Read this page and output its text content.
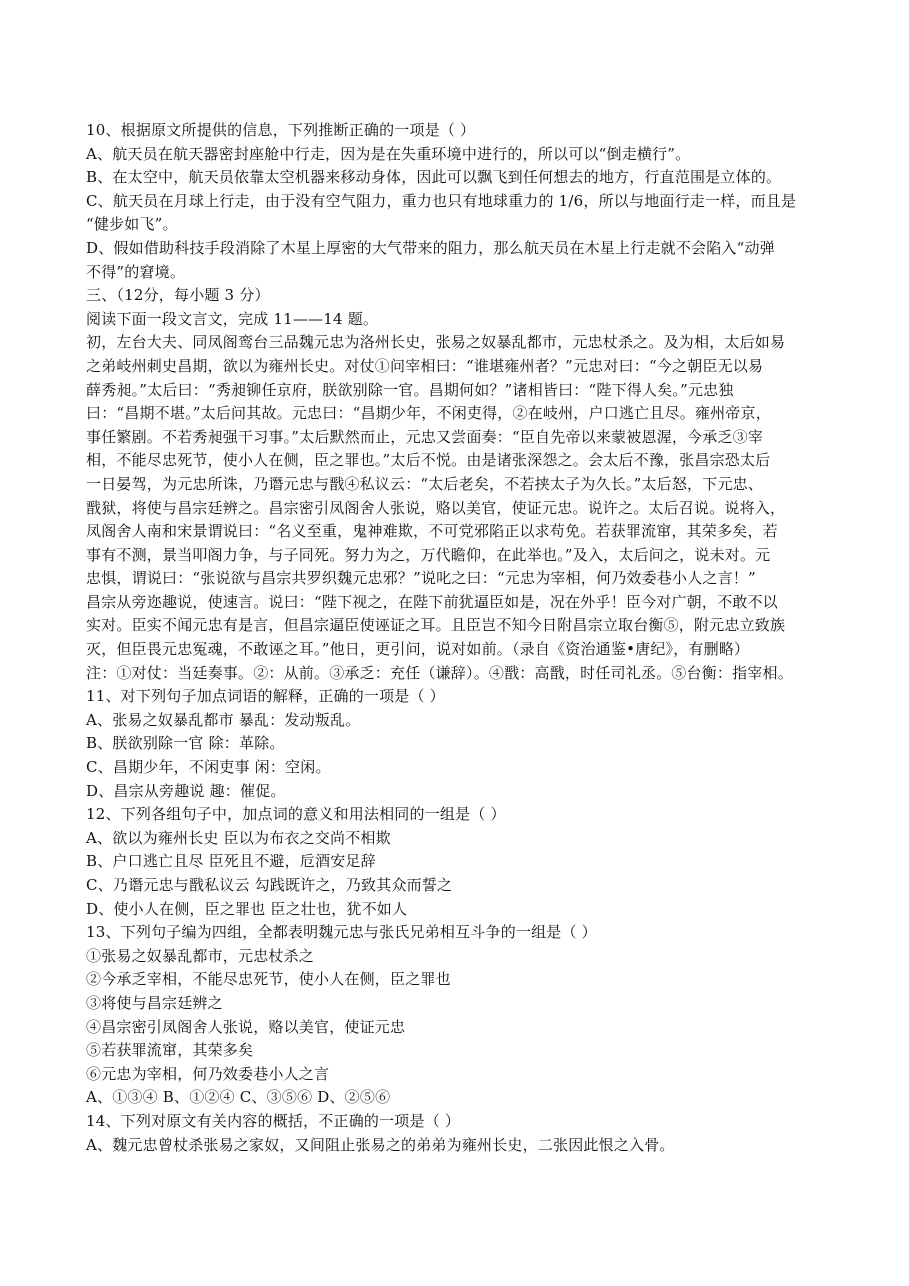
10、根据原文所提供的信息，下列推断正确的一项是（ ）
A、航天员在航天器密封座舱中行走，因为是在失重环境中进行的，所以可以“倒走横行”。
B、在太空中，航天员依靠太空机器来移动身体，因此可以飘飞到任何想去的地方，行直范围是立体的。
C、航天员在月球上行走，由于没有空气阻力，重力也只有地球重力的 1/6，所以与地面行走一样，而且是
“健步如飞”。
D、假如借助科技手段消除了木星上厚密的大气带来的阻力，那么航天员在木星上行走就不会陷入“动弹
不得”的窘境。
三、（12分，每小题 3 分）
阅读下面一段文言文，完成 11——14 题。
初，左台大夫、同凤阁鸾台三品魏元忠为洛州长史，张易之奴暴乱都市，元忠杖杀之。及为相，太后如易
之弟岐州刺史昌期，欲以为雍州长史。对仗①问宰相曰：“谁堪雍州者？”元忠对曰：“今之朝臣无以易
薛秀昶。”太后曰：“秀昶铆任京府，朕欲别除一官。昌期何如？”诸相皆曰：“陛下得人矣。”元忠独
曰：“昌期不堪。”太后问其故。元忠曰：“昌期少年，不闲吏得，②在岐州，户口逃亡且尽。雍州帝京，
事任繁剧。不若秀昶强干习事。”太后默然而止，元忠又尝面奏：“臣自先帝以来蒙被恩渥，今承乏③宰
相，不能尽忠死节，使小人在侧，臣之罪也。”太后不悦。由是诸张深怨之。会太后不豫，张昌宗恐太后
一日晏驾，为元忠所诛，乃谮元忠与戬④私议云：“太后老矣，不若挟太子为久长。”太后怒，下元忠、
戬狱，将使与昌宗廷辨之。昌宗密引凤阁舍人张说，赂以美官，使证元忠。说许之。太后召说。说将入，
凤阁舍人南和宋景谓说曰：“名义至重，鬼神难欺，不可党邪陷正以求苟免。若获罪流窜，其荣多矣，若
事有不测，景当叩阁力争，与子同死。努力为之，万代瞻仰，在此举也。”及入，太后问之，说未对。元
忠惧，谓说曰：“张说欲与昌宗共罗织魏元忠邪？”说叱之曰：“元忠为宰相，何乃效委巷小人之言！”
昌宗从旁迩趣说，使速言。说曰：“陛下视之，在陛下前犹逼臣如是，况在外乎！臣今对广朝，不敢不以
实对。臣实不闻元忠有是言，但昌宗逼臣使诬证之耳。且臣岂不知今日附昌宗立取台衡⑤，附元忠立致族
灭，但臣畏元忠冤魂，不敢诬之耳。”他日，更引问，说对如前。（录自《资治通鉴•唐纪》，有删略）
注：①对仗：当廷奏事。②：从前。③承乏：充任（谦辞）。④戬：高戬，时任司礼丞。⑤台衡：指宰相。
11、对下列句子加点词语的解释，正确的一项是（ ）
A、张易之奴暴乱都市 暴乱：发动叛乱。
B、朕欲别除一官 除：革除。
C、昌期少年，不闲吏事 闲：空闲。
D、昌宗从旁趣说 趣：催促。
12、下列各组句子中，加点词的意义和用法相同的一组是（ ）
A、欲以为雍州长史 臣以为布衣之交尚不相欺
B、户口逃亡且尽 臣死且不避，卮酒安足辞
C、乃谮元忠与戬私议云 勾践既许之，乃致其众而誓之
D、使小人在侧，臣之罪也 臣之壮也，犹不如人
13、下列句子编为四组，全都表明魏元忠与张氏兄弟相互斗争的一组是（ ）
①张易之奴暴乱都市，元忠杖杀之
②今承乏宰相，不能尽忠死节，使小人在侧，臣之罪也
③将使与昌宗廷辨之
④昌宗密引凤阁舍人张说，赂以美官，使证元忠
⑤若获罪流窜，其荣多矣
⑥元忠为宰相，何乃效委巷小人之言
A、①③④ B、①②④ C、③⑤⑥ D、②⑤⑥
14、下列对原文有关内容的概括，不正确的一项是（ ）
A、魏元忠曾杖杀张易之家奴，又间阻止张易之的弟弟为雍州长史，二张因此恨之入骨。
